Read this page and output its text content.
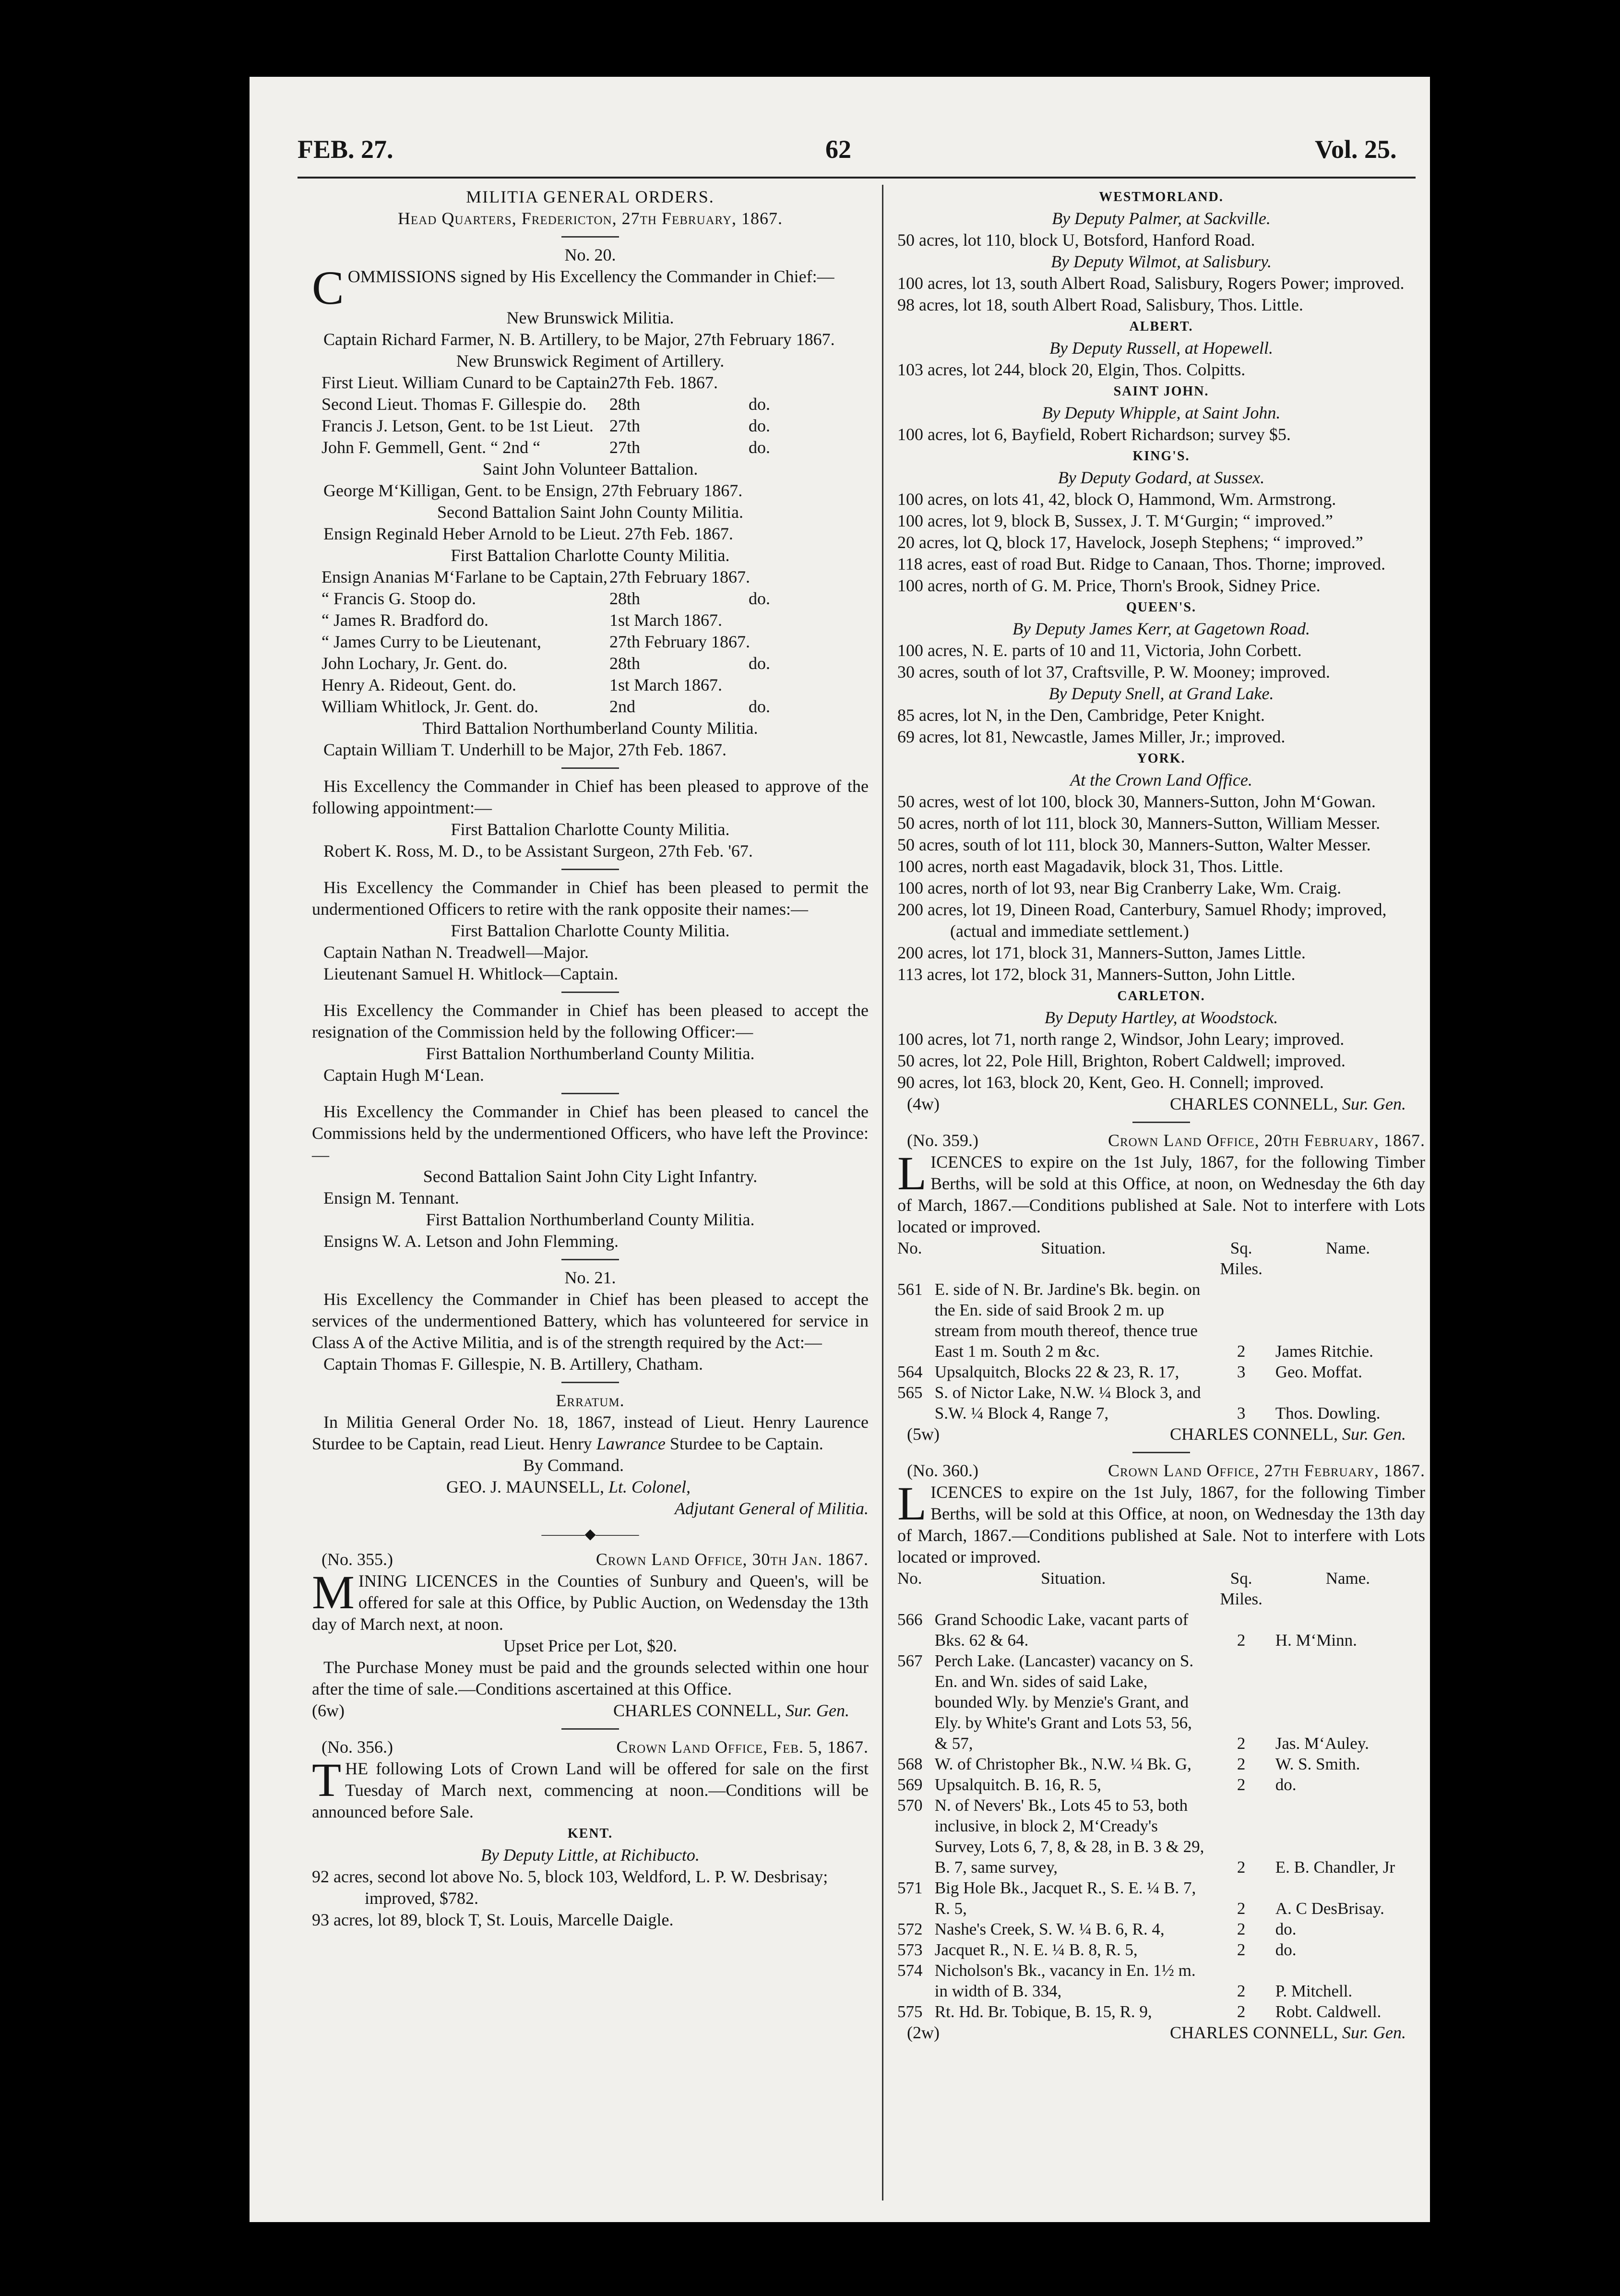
FEB. 27.	62	Vol. 25.

MILITIA GENERAL ORDERS.

Head Quarters, Fredericton, 27th February, 1867.

No. 20.

COMMISSIONS signed by His Excellency the Commander in Chief:—

New Brunswick Militia.

Captain Richard Farmer, N. B. Artillery, to be Major, 27th February 1867.

New Brunswick Regiment of Artillery.

First Lieut. William Cunard to be Captain 27th Feb. 1867.
Second Lieut. Thomas F. Gillespie do.	28th	do.
Francis J. Letson, Gent. to be 1st Lieut. 27th	do.
John F. Gemmell, Gent. “ 2nd “	27th	do.

Saint John Volunteer Battalion.

George M‘Killigan, Gent. to be Ensign, 27th February 1867.

Second Battalion Saint John County Militia.

Ensign Reginald Heber Arnold to be Lieut. 27th Feb. 1867.

First Battalion Charlotte County Militia.

Ensign Ananias M‘Farlane to be Captain, 27th February 1867.
“ Francis G. Stoop do.	28th	do.
“ James R. Bradford do.	1st March 1867.
“ James Curry to be Lieutenant,	27th February 1867.
John Lochary, Jr. Gent. do.	28th	do.
Henry A. Rideout, Gent. do.	1st March 1867.
William Whitlock, Jr. Gent. do.	2nd	do.

Third Battalion Northumberland County Militia.

Captain William T. Underhill to be Major, 27th Feb. 1867.

His Excellency the Commander in Chief has been pleased to approve of the following appointment:—

First Battalion Charlotte County Militia.

Robert K. Ross, M. D., to be Assistant Surgeon, 27th Feb. '67.

His Excellency the Commander in Chief has been pleased to permit the undermentioned Officers to retire with the rank opposite their names:—

First Battalion Charlotte County Militia.

Captain Nathan N. Treadwell—Major.

Lieutenant Samuel H. Whitlock—Captain.

His Excellency the Commander in Chief has been pleased to accept the resignation of the Commission held by the following Officer:—

First Battalion Northumberland County Militia.

Captain Hugh M‘Lean.

His Excellency the Commander in Chief has been pleased to cancel the Commissions held by the undermentioned Officers, who have left the Province:—

Second Battalion Saint John City Light Infantry.

Ensign M. Tennant.

First Battalion Northumberland County Militia.

Ensigns W. A. Letson and John Flemming.

No. 21.

His Excellency the Commander in Chief has been pleased to accept the services of the undermentioned Battery, which has volunteered for service in Class A of the Active Militia, and is of the strength required by the Act:—

Captain Thomas F. Gillespie, N. B. Artillery, Chatham.

Erratum.

In Militia General Order No. 18, 1867, instead of Lieut. Henry Laurence Sturdee to be Captain, read Lieut. Henry Lawrance Sturdee to be Captain.

By Command.

GEO. J. MAUNSELL, Lt. Colonel,

Adjutant General of Militia.

———◆———
(No. 355.)	Crown Land Office, 30th Jan. 1867.

MINING LICENCES in the Counties of Sunbury and Queen's, will be offered for sale at this Office, by Public Auction, on Wedensday the 13th day of March next, at noon.

Upset Price per Lot, $20.

The Purchase Money must be paid and the grounds selected within one hour after the time of sale.—Conditions ascertained at this Office.

(6w)	CHARLES CONNELL, Sur. Gen.
(No. 356.)	Crown Land Office, Feb. 5, 1867.

THE following Lots of Crown Land will be offered for sale on the first Tuesday of March next, commencing at noon.—Conditions will be announced before Sale.

KENT.

By Deputy Little, at Richibucto.

92 acres, second lot above No. 5, block 103, Weldford, L. P. W. Desbrisay; improved, $782.

93 acres, lot 89, block T, St. Louis, Marcelle Daigle.

WESTMORLAND.

By Deputy Palmer, at Sackville.

50 acres, lot 110, block U, Botsford, Hanford Road.

By Deputy Wilmot, at Salisbury.

100 acres, lot 13, south Albert Road, Salisbury, Rogers Power; improved.

98 acres, lot 18, south Albert Road, Salisbury, Thos. Little.

ALBERT.

By Deputy Russell, at Hopewell.

103 acres, lot 244, block 20, Elgin, Thos. Colpitts.

SAINT JOHN.

By Deputy Whipple, at Saint John.

100 acres, lot 6, Bayfield, Robert Richardson; survey $5.

KING'S.

By Deputy Godard, at Sussex.

100 acres, on lots 41, 42, block O, Hammond, Wm. Armstrong.

100 acres, lot 9, block B, Sussex, J. T. M‘Gurgin; “ improved.”

20 acres, lot Q, block 17, Havelock, Joseph Stephens; “ improved.”

118 acres, east of road But. Ridge to Canaan, Thos. Thorne; improved.

100 acres, north of G. M. Price, Thorn's Brook, Sidney Price.

QUEEN'S.

By Deputy James Kerr, at Gagetown Road.

100 acres, N. E. parts of 10 and 11, Victoria, John Corbett.

30 acres, south of lot 37, Craftsville, P. W. Mooney; improved.

By Deputy Snell, at Grand Lake.

85 acres, lot N, in the Den, Cambridge, Peter Knight.

69 acres, lot 81, Newcastle, James Miller, Jr.; improved.

YORK.

At the Crown Land Office.

50 acres, west of lot 100, block 30, Manners-Sutton, John M‘Gowan.

50 acres, north of lot 111, block 30, Manners-Sutton, William Messer.

50 acres, south of lot 111, block 30, Manners-Sutton, Walter Messer.

100 acres, north east Magadavik, block 31, Thos. Little.

100 acres, north of lot 93, near Big Cranberry Lake, Wm. Craig.

200 acres, lot 19, Dineen Road, Canterbury, Samuel Rhody; improved, (actual and immediate settlement.)

200 acres, lot 171, block 31, Manners-Sutton, James Little.

113 acres, lot 172, block 31, Manners-Sutton, John Little.

CARLETON.

By Deputy Hartley, at Woodstock.

100 acres, lot 71, north range 2, Windsor, John Leary; improved.

50 acres, lot 22, Pole Hill, Brighton, Robert Caldwell; improved.

90 acres, lot 163, block 20, Kent, Geo. H. Connell; improved.

(4w)	CHARLES CONNELL, Sur. Gen.
(No. 359.)	Crown Land Office, 20th February, 1867.

LICENCES to expire on the 1st July, 1867, for the following Timber Berths, will be sold at this Office, at noon, on Wednesday the 6th day of March, 1867.—Conditions published at Sale. Not to interfere with Lots located or improved.

No.	Situation.	Sq. Miles.	Name.
561	E. side of N. Br. Jardine's Bk. begin. on the En. side of said Brook 2 m. up stream from mouth thereof, thence true East 1 m. South 2 m &c.	2	James Ritchie.
564	Upsalquitch, Blocks 22 & 23, R. 17,	3	Geo. Moffat.
565	S. of Nictor Lake, N.W. ¼ Block 3, and S.W. ¼ Block 4, Range 7,	3	Thos. Dowling.
(5w)	CHARLES CONNELL, Sur. Gen.
(No. 360.)	Crown Land Office, 27th February, 1867.

LICENCES to expire on the 1st July, 1867, for the following Timber Berths, will be sold at this Office, at noon, on Wednesday the 13th day of March, 1867.—Conditions published at Sale. Not to interfere with Lots located or improved.

No.	Situation.	Sq. Miles.	Name.
566	Grand Schoodic Lake, vacant parts of Bks. 62 & 64.	2	H. M‘Minn.
567	Perch Lake. (Lancaster) vacancy on S. En. and Wn. sides of said Lake, bounded Wly. by Menzie's Grant, and Ely. by White's Grant and Lots 53, 56, & 57,	2	Jas. M‘Auley.
568	W. of Christopher Bk., N.W. ¼ Bk. G,	2	W. S. Smith.
569	Upsalquitch. B. 16, R. 5,	2	do.
570	N. of Nevers' Bk., Lots 45 to 53, both inclusive, in block 2, M‘Cready's Survey, Lots 6, 7, 8, & 28, in B. 3 & 29, B. 7, same survey,	2	E. B. Chandler, Jr
571	Big Hole Bk., Jacquet R., S. E. ¼ B. 7, R. 5,	2	A. C DesBrisay.
572	Nashe's Creek, S. W. ¼ B. 6, R. 4,	2	do.
573	Jacquet R., N. E. ¼ B. 8, R. 5,	2	do.
574	Nicholson's Bk., vacancy in En. 1½ m. in width of B. 334,	2	P. Mitchell.
575	Rt. Hd. Br. Tobique, B. 15, R. 9,	2	Robt. Caldwell.
(2w)	CHARLES CONNELL, Sur. Gen.
